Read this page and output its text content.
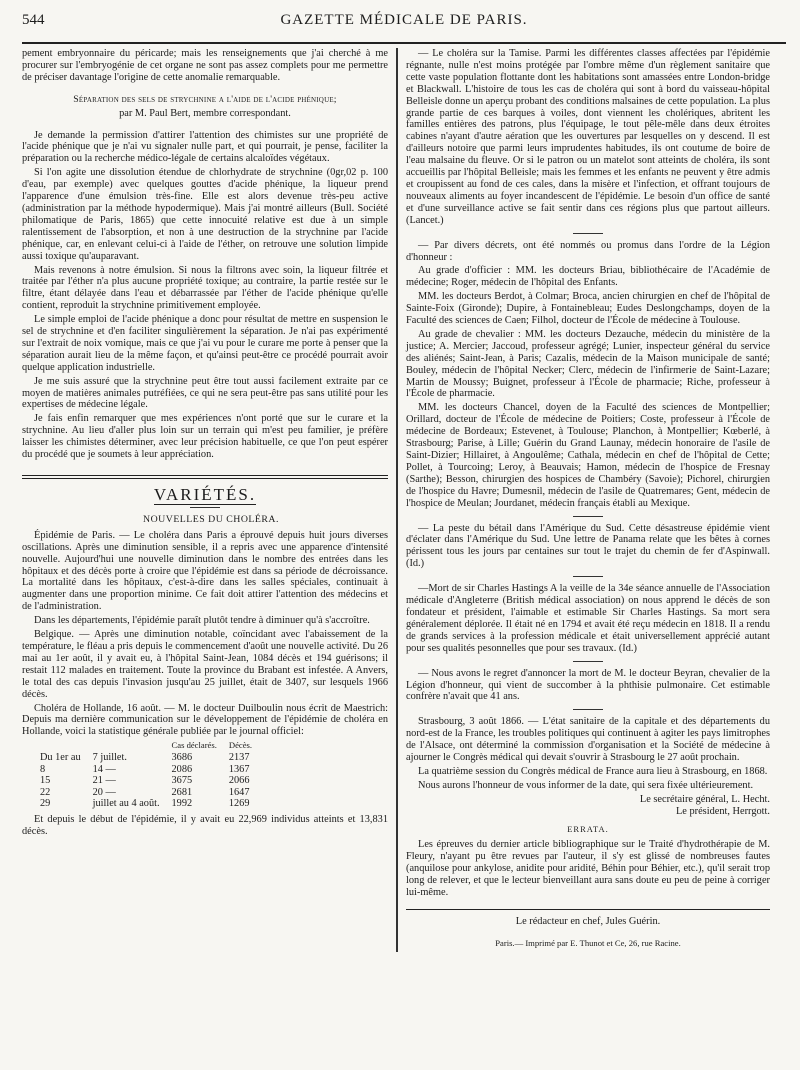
544	GAZETTE MÉDICALE DE PARIS.

pement embryonnaire du péricarde; mais les renseignements que j'ai cherché à me procurer sur l'embryogénie de cet organe ne sont pas assez complets pour me permettre de préciser davantage l'origine de cette anomalie remarquable.

Séparation des sels de strychnine a l'aide de l'acide phénique;

par M. Paul Bert, membre correspondant.

Je demande la permission d'attirer l'attention des chimistes sur une propriété de l'acide phénique que je n'ai vu signaler nulle part, et qui pourrait, je pense, faciliter la préparation ou la recherche médico-légale de certains alcaloïdes végétaux.

Si l'on agite une dissolution étendue de chlorhydrate de strychnine (0gr,02 p. 100 d'eau, par exemple) avec quelques gouttes d'acide phénique, la liqueur prend l'apparence d'une émulsion très-fine. Elle est alors devenue très-peu active (administration par la méthode hypodermique). Mais j'ai montré ailleurs (Bull. Société philomatique de Paris, 1865) que cette innocuité relative est due à un simple ralentissement de l'absorption, et non à une destruction de la strychnine par l'acide phénique, car, en enlevant celui-ci à l'aide de l'éther, on retrouve une solution limpide aussi toxique qu'auparavant.

Mais revenons à notre émulsion. Si nous la filtrons avec soin, la liqueur filtrée et traitée par l'éther n'a plus aucune propriété toxique; au contraire, la partie restée sur le filtre, étant délayée dans l'eau et débarrassée par l'éther de l'acide phénique qu'elle contient, reproduit la strychnine primitivement employée.

Le simple emploi de l'acide phénique a donc pour résultat de mettre en suspension le sel de strychnine et d'en faciliter singulièrement la séparation. Je n'ai pas expérimenté sur l'extrait de noix vomique, mais ce que j'ai vu pour le curare me porte à penser que la séparation aurait lieu de la même façon, et qu'ainsi peut-être ce procédé pourrait avoir quelque application industrielle.

Je me suis assuré que la strychnine peut être tout aussi facilement extraite par ce moyen de matières animales putréfiées, ce qui ne sera peut-être pas sans utilité pour les expertises de médecine légale.

Je fais enfin remarquer que mes expériences n'ont porté que sur le curare et la strychnine. Au lieu d'aller plus loin sur un terrain qui m'est peu familier, je préfère laisser les chimistes déterminer, avec leur précision habituelle, ce que l'on peut espérer du procédé que je soumets à leur appréciation.

VARIÉTÉS.

NOUVELLES DU CHOLÉRA.

Épidémie de Paris. — Le choléra dans Paris a éprouvé depuis huit jours diverses oscillations. Après une diminution sensible, il a repris avec une apparence d'intensité nouvelle. Aujourd'hui une nouvelle diminution dans le nombre des entrées dans les hôpitaux et des décès porte à croire que l'épidémie est dans sa période de décroissance. La mortalité dans les hôpitaux, c'est-à-dire dans les salles spéciales, continuait à augmenter dans une proportion minime. Ce fait doit attirer l'attention des médecins et de l'administration.

Dans les départements, l'épidémie paraît plutôt tendre à diminuer qu'à s'accroître.

Belgique. — Après une diminution notable, coïncidant avec l'abaissement de la température, le fléau a pris depuis le commencement d'août une nouvelle activité. Du 26 mai au 1er août, il y avait eu, à l'hôpital Saint-Jean, 1084 décès et 194 guérisons; il restait 112 malades en traitement. Toute la province du Brabant est infestée. A Anvers, le total des cas depuis l'invasion jusqu'au 25 juillet, était de 3407, sur lesquels 1966 décès.

Choléra de Hollande, 16 août. — M. le docteur Duilboulin nous écrit de Maestrich: Depuis ma dernière communication sur le développement de l'épidémie de choléra en Hollande, voici la statistique générale publiée par le journal officiel:

		Cas déclarés.	Décès.
Du 1er au	7 juillet.	3686	2137
8	14 —	2086	1367
15	21 —	3675	2066
22	20 —	2681	1647
29	juillet au 4 août.	1992	1269

Et depuis le début de l'épidémie, il y avait eu 22,969 individus atteints et 13,831 décès.

— Le choléra sur la Tamise. Parmi les différentes classes affectées par l'épidémie régnante, nulle n'est moins protégée par l'ombre même d'un règlement sanitaire que cette vaste population flottante dont les habitations sont amassées entre London-bridge et Blackwall. L'histoire de tous les cas de choléra qui sont à bord du vaisseau-hôpital Belleisle donne un aperçu probant des conditions malsaines de cette population. La plus grande partie de ces barques à voiles, dont viennent les cholériques, abritent les familles entières des patrons, plus l'équipage, le tout pêle-mêle dans deux étroites cabines n'ayant d'autre aération que les ouvertures par lesquelles on y descend. Il est d'ailleurs notoire que parmi leurs imprudentes habitudes, ils ont coutume de boire de l'eau malsaine du fleuve. Or si le patron ou un matelot sont atteints de choléra, ils sont accueillis par l'hôpital Belleisle; mais les femmes et les enfants ne peuvent y être admis et croupissent au fond de ces cales, dans la misère et l'infection, et offrant toujours de nouveaux aliments au foyer incandescent de l'épidémie. Le besoin d'un office de santé et d'une surveillance active se fait sentir dans ces régions plus que partout ailleurs. (Lancet.)

— Par divers décrets, ont été nommés ou promus dans l'ordre de la Légion d'honneur :

Au grade d'officier : MM. les docteurs Briau, bibliothécaire de l'Académie de médecine; Roger, médecin de l'hôpital des Enfants.

MM. les docteurs Berdot, à Colmar; Broca, ancien chirurgien en chef de l'hôpital de Sainte-Foix (Gironde); Dupire, à Fontainebleau; Eudes Deslongchamps, doyen de la Faculté des sciences de Caen; Filhol, docteur de l'École de médecine à Toulouse.

Au grade de chevalier : MM. les docteurs Dezauche, médecin du ministère de la justice; A. Mercier; Jaccoud, professeur agrégé; Lunier, inspecteur général du service des aliénés; Saint-Jean, à Paris; Cazalis, médecin de la Maison municipale de santé; Bouley, médecin de l'hôpital Necker; Clerc, médecin de l'infirmerie de Saint-Lazare; Martin de Moussy; Buignet, professeur à l'École de pharmacie; Riche, professeur à l'École de pharmacie.

MM. les docteurs Chancel, doyen de la Faculté des sciences de Montpellier; Orillard, docteur de l'École de médecine de Poitiers; Coste, professeur à l'École de médecine de Bordeaux; Estevenet, à Toulouse; Planchon, à Montpellier; Kœberlé, à Strasbourg; Parise, à Lille; Guérin du Grand Launay, médecin honoraire de l'asile de Saint-Dizier; Hillairet, à Angoulême; Cathala, médecin en chef de l'hôpital de Cette; Pollet, à Tourcoing; Leroy, à Beauvais; Hamon, médecin de l'hospice de Fresnay (Sarthe); Besson, chirurgien des hospices de Chambéry (Savoie); Pichorel, chirurgien de l'hospice du Havre; Dumesnil, médecin de l'asile de Quatremares; Gent, médecin de l'hospice de Meulan; Jourdanet, médecin français établi au Mexique.

— La peste du bétail dans l'Amérique du Sud. Cette désastreuse épidémie vient d'éclater dans l'Amérique du Sud. Une lettre de Panama relate que les bêtes à cornes périssent tous les jours par centaines sur tout le trajet du chemin de fer d'Aspinwall. (Id.)

—Mort de sir Charles Hastings A la veille de la 34e séance annuelle de l'Association médicale d'Angleterre (British médical association) on nous apprend le décès de son fondateur et président, l'aimable et estimable Sir Charles Hastings. Sa mort sera généralement déplorée. Il était né en 1794 et avait été reçu médecin en 1818. Il a rendu de grands services à la profession médicale et était universellement apprécié autant pour ses qualités pesonnelles que pour ses travaux. (Id.)

— Nous avons le regret d'annoncer la mort de M. le docteur Beyran, chevalier de la Légion d'honneur, qui vient de succomber à la phthisie pulmonaire. Cet estimable confrère n'avait que 41 ans.

Strasbourg, 3 août 1866. — L'état sanitaire de la capitale et des départements du nord-est de la France, les troubles politiques qui continuent à agiter les pays limitrophes de l'Alsace, ont déterminé la commission d'organisation et la Société de médecine à ajourner le Congrès médical qui devait s'ouvrir à Strasbourg le 27 août prochain.

La quatrième session du Congrès médical de France aura lieu à Strasbourg, en 1868.

Nous aurons l'honneur de vous informer de la date, qui sera fixée ultérieurement.

Le secrétaire général, L. Hecht.

Le président, Herrgott.

ERRATA.

Les épreuves du dernier article bibliographique sur le Traité d'hydrothérapie de M. Fleury, n'ayant pu être revues par l'auteur, il s'y est glissé de nombreuses fautes (anquilose pour ankylose, anidite pour aridité, Béhin pour Béhier, etc.), qu'il serait trop long de relever, et que le lecteur bienveillant aura sans doute eu peu de peine à corriger lui-même.

Le rédacteur en chef, Jules Guérin.

Paris.— Imprimé par E. Thunot et Ce, 26, rue Racine.
